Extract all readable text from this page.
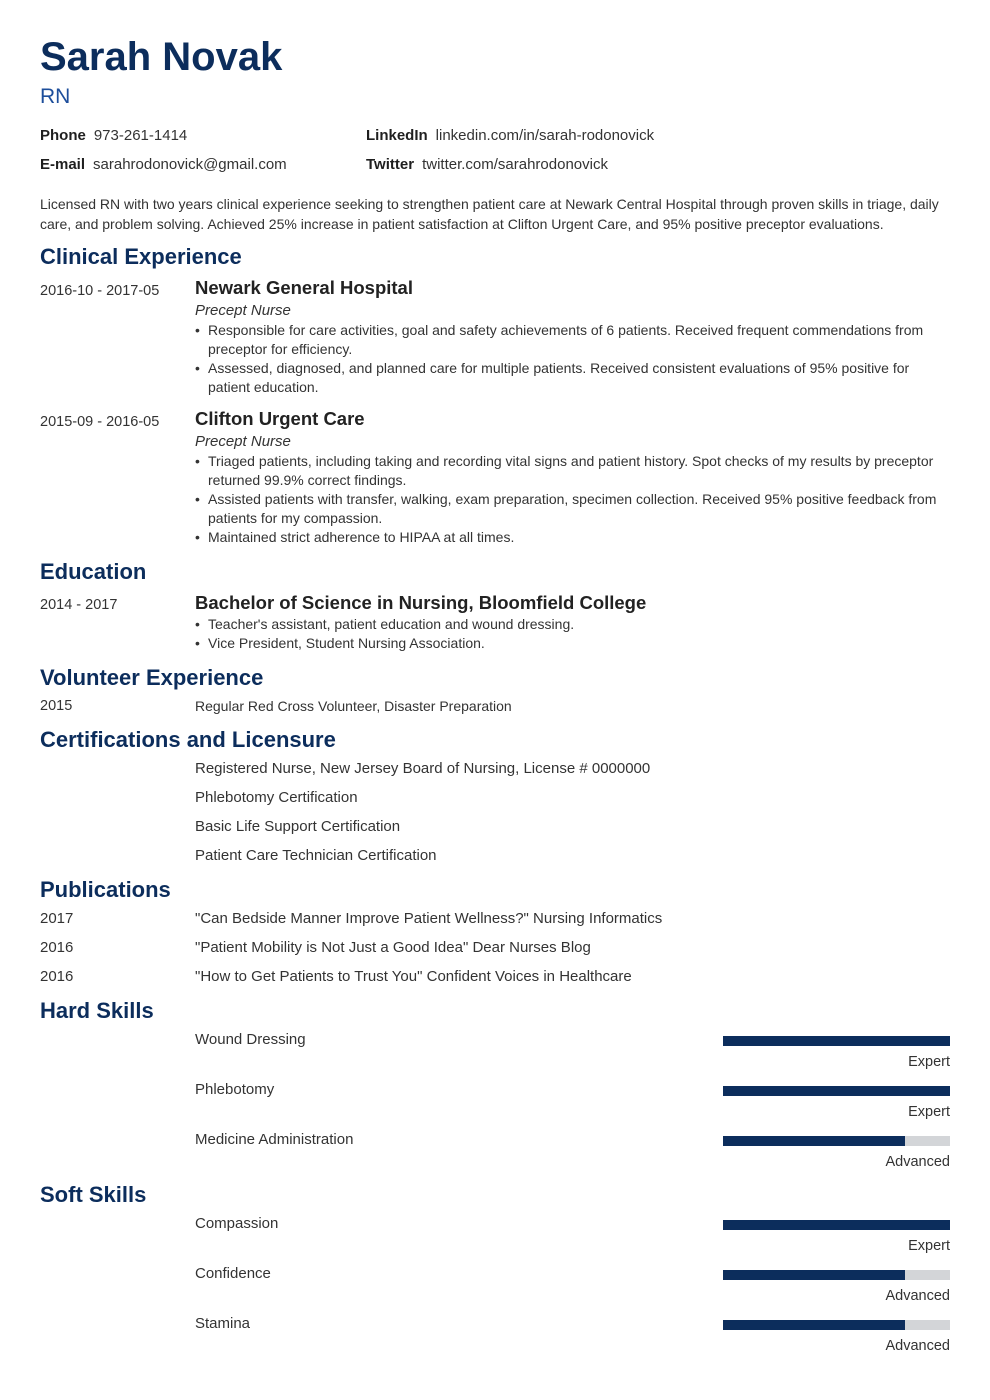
Sarah Novak
RN
Phone 973-261-1414
E-mail sarahrodonovick@gmail.com
LinkedIn linkedin.com/in/sarah-rodonovick
Twitter twitter.com/sarahrodonovick
Licensed RN with two years clinical experience seeking to strengthen patient care at Newark Central Hospital through proven skills in triage, daily care, and problem solving. Achieved 25% increase in patient satisfaction at Clifton Urgent Care, and 95% positive preceptor evaluations.
Clinical Experience
2016-10 - 2017-05 Newark General Hospital
Precept Nurse
• Responsible for care activities, goal and safety achievements of 6 patients. Received frequent commendations from preceptor for efficiency.
• Assessed, diagnosed, and planned care for multiple patients. Received consistent evaluations of 95% positive for patient education.
2015-09 - 2016-05 Clifton Urgent Care
Precept Nurse
• Triaged patients, including taking and recording vital signs and patient history. Spot checks of my results by preceptor returned 99.9% correct findings.
• Assisted patients with transfer, walking, exam preparation, specimen collection. Received 95% positive feedback from patients for my compassion.
• Maintained strict adherence to HIPAA at all times.
Education
2014 - 2017	Bachelor of Science in Nursing, Bloomfield College
• Teacher's assistant, patient education and wound dressing.
• Vice President, Student Nursing Association.
Volunteer Experience
2015	Regular Red Cross Volunteer, Disaster Preparation
Certifications and Licensure
Registered Nurse, New Jersey Board of Nursing, License # 0000000
Phlebotomy Certification
Basic Life Support Certification
Patient Care Technician Certification
Publications
2017	"Can Bedside Manner Improve Patient Wellness?" Nursing Informatics
2016	"Patient Mobility is Not Just a Good Idea" Dear Nurses Blog
2016	"How to Get Patients to Trust You" Confident Voices in Healthcare
Hard Skills
Wound Dressing
Expert
Phlebotomy
Expert
Medicine Administration
Advanced
Soft Skills
Compassion
Expert
Confidence
Advanced
Stamina
Advanced
